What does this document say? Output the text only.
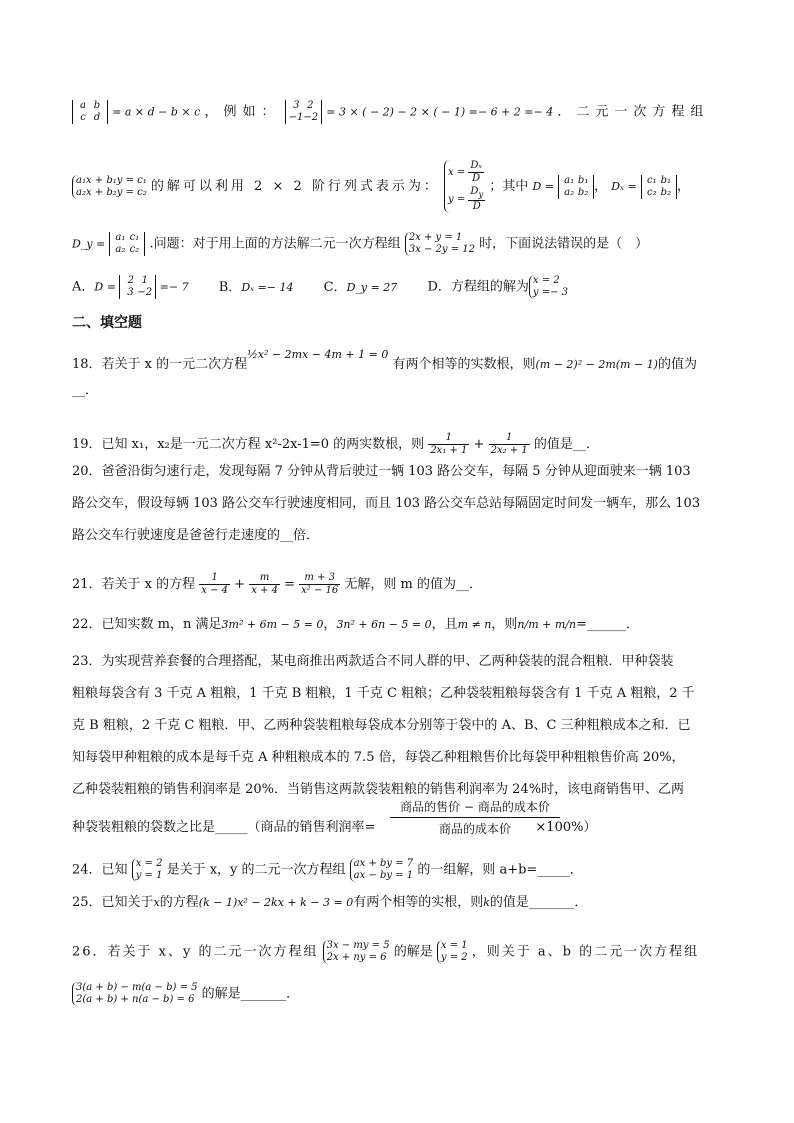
a b
c d = a × d − b × c ，例如： 3 2
−1−2 = 3 × ( − 2) − 2 × ( − 1) =− 6 + 2 =− 4 ．二元一次方程组
a₁x + b₁y = c₁
a₂x + b₂y = c₂ 的解可以利用 2 × 2 阶行列式表示为： $x = \frac{\text{Dₓ}}{D}$

$y = \frac{D_y}{D}$ ；其中 D = a₁ b₁
a₂ b₂ ， Dₓ = c₁ b₁
c₂ b₂ ，
D_y = a₁ c₁
a₂ c₂ .问题：对于用上面的方法解二元一次方程组 2x + y = 1
3x − 2y = 12 时，下面说法错误的是（　）
A．D = 2 1
3 −2 =− 7 B．Dₓ =− 14 C．D_y = 27 D．方程组的解为 x = 2
y =− 3
二、填空题
18．若关于 x 的一元二次方程$^{\frac{1}{2}x^2 - 2mx - 4m + 1 = 0}$ 有两个相等的实数根，则(m − 2)² − 2m(m − 1)的值为
__．
19．已知 x₁，x₂是一元二次方程 x²-2x-1=0 的两实数根，则 $\frac{1}{\text{2x₁ + 1}} + \frac{1}{\text{2x₂ + 1}}$ 的值是__．
20．爸爸沿街匀速行走，发现每隔 7 分钟从背后驶过一辆 103 路公交车，每隔 5 分钟从迎面驶来一辆 103
路公交车，假设每辆 103 路公交车行驶速度相同，而且 103 路公交车总站每隔固定时间发一辆车，那么 103
路公交车行驶速度是爸爸行走速度的__倍．
21．若关于 x 的方程 $\frac{1}{x - 4} + \frac{m}{x + 4} = \frac{m + 3}{\text{x² − 16}}$ 无解，则 m 的值为__．
22．已知实数 m，n 满足3m² + 6m − 5 = 0，3n² + 6n − 5 = 0，且m ≠ n，则n/m + m/n=______．
23．为实现营养套餐的合理搭配，某电商推出两款适合不同人群的甲、乙两种袋装的混合粗粮．甲种袋装
粗粮每袋含有 3 千克 A 粗粮，1 千克 B 粗粮，1 千克 C 粗粮；乙种袋装粗粮每袋含有 1 千克 A 粗粮，2 千
克 B 粗粮，2 千克 C 粗粮．甲、乙两种袋装粗粮每袋成本分别等于袋中的 A、B、C 三种粗粮成本之和．已
知每袋甲种粗粮的成本是每千克 A 种粗粮成本的 7.5 倍，每袋乙种粗粮售价比每袋甲种粗粮售价高 20%，
乙种袋装粗粮的销售利润率是 20%．当销售这两款袋装粗粮的销售利润率为 24%时，该电商销售甲、乙两
商品的售价 − 商品的成本价
商品的成本价
种袋装粗粮的袋数之比是_____（商品的销售利润率=	×100%）
24．已知 x = 2
y = 1 是关于 x，y 的二元一次方程组 ax + by = 7
ax − by = 1 的一组解，则 a+b=_____．
25．已知关于x的方程(k − 1)x² − 2kx + k − 3 = 0有两个相等的实根，则k的值是_______．
26．若关于 x、y 的二元一次方程组 3x − my = 5
2x + ny = 6 的解是 x = 1
y = 2 ，则关于 a、b 的二元一次方程组
3(a + b) − m(a − b) = 5
2(a + b) + n(a − b) = 6 的解是_______．
